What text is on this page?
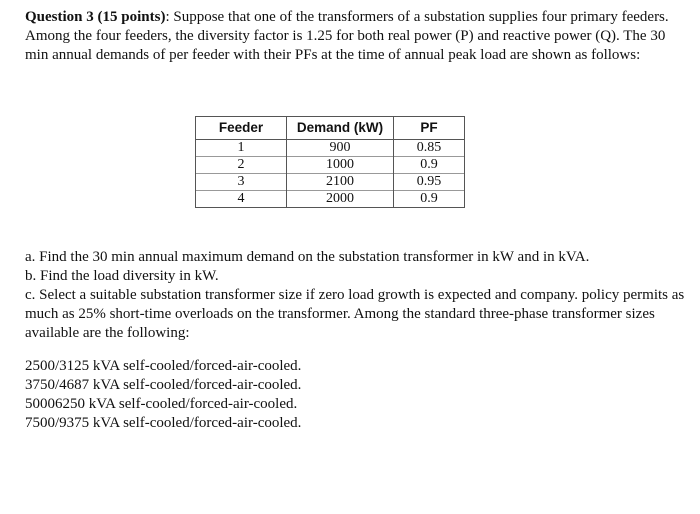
Question 3 (15 points): Suppose that one of the transformers of a substation supplies four primary feeders. Among the four feeders, the diversity factor is 1.25 for both real power (P) and reactive power (Q). The 30 min annual demands of per feeder with their PFs at the time of annual peak load are shown as follows:
Feeder	Demand (kW)	PF
1	900	0.85
2	1000	0.9
3	2100	0.95
4	2000	0.9

a. Find the 30 min annual maximum demand on the substation transformer in kW and in kVA.

b. Find the load diversity in kW.

c. Select a suitable substation transformer size if zero load growth is expected and company. policy permits as much as 25% short-time overloads on the transformer. Among the standard three-phase transformer sizes available are the following:

2500/3125 kVA self-cooled/forced-air-cooled.
3750/4687 kVA self-cooled/forced-air-cooled.
50006250 kVA self-cooled/forced-air-cooled.
7500/9375 kVA self-cooled/forced-air-cooled.
